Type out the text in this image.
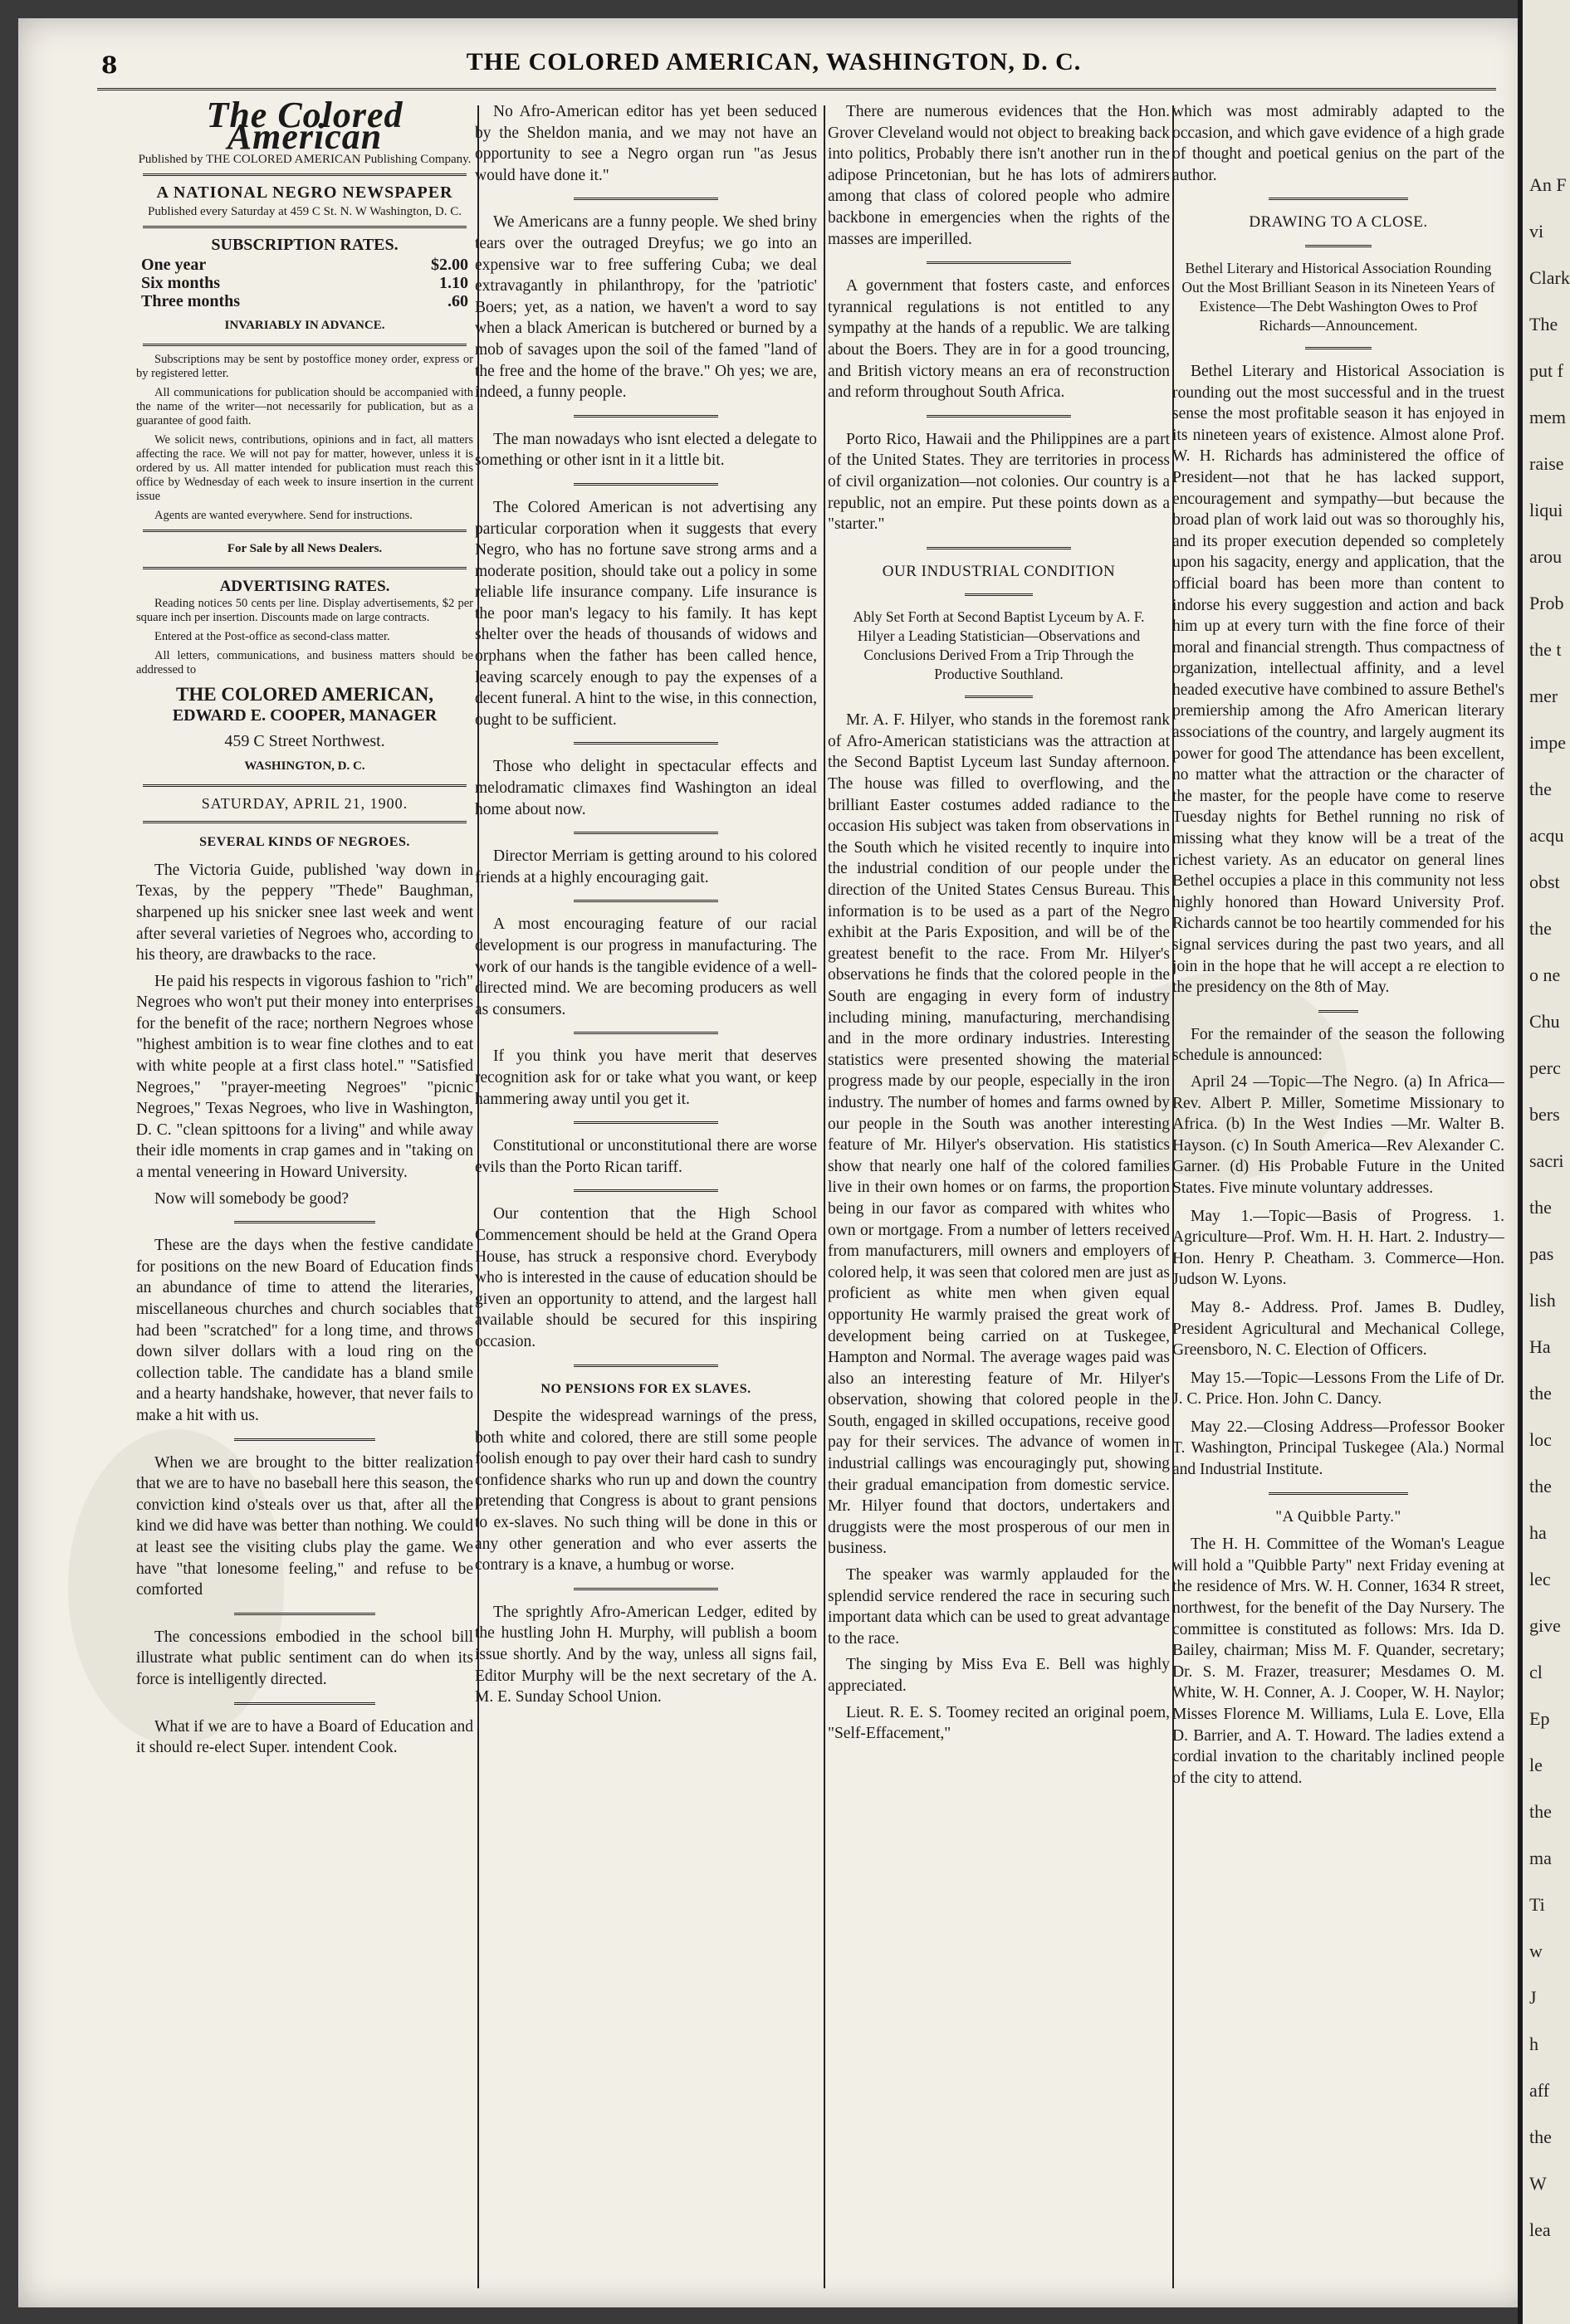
8	THE COLORED AMERICAN, WASHINGTON, D. C.
The Colored American
Published by THE COLORED AMERICAN Publishing Company.
A NATIONAL NEGRO NEWSPAPER
Published every Saturday at 459 C St. N. W Washington, D. C.
SUBSCRIPTION RATES.
One year	$2.00
Six months	1.10
Three months	.60
INVARIABLY IN ADVANCE.

Subscriptions may be sent by postoffice money order, express or by registered letter.

All communications for publication should be accompanied with the name of the writer—not necessarily for publication, but as a guarantee of good faith.

We solicit news, contributions, opinions and in fact, all matters affecting the race. We will not pay for matter, however, unless it is ordered by us. All matter intended for publication must reach this office by Wednesday of each week to insure insertion in the current issue

Agents are wanted everywhere. Send for instructions.

For Sale by all News Dealers.
ADVERTISING RATES.

Reading notices 50 cents per line. Display advertisements, $2 per square inch per insertion. Discounts made on large contracts.

Entered at the Post-office as second-class matter.

All letters, communications, and business matters should be addressed to

THE COLORED AMERICAN,
EDWARD E. COOPER, MANAGER
459 C Street Northwest.
WASHINGTON, D. C.
SATURDAY, APRIL 21, 1900.
SEVERAL KINDS OF NEGROES.

The Victoria Guide, published 'way down in Texas, by the peppery "Thede" Baughman, sharpened up his snicker snee last week and went after several varieties of Negroes who, according to his theory, are drawbacks to the race.

He paid his respects in vigorous fashion to "rich" Negroes who won't put their money into enterprises for the benefit of the race; northern Negroes whose "highest ambition is to wear fine clothes and to eat with white people at a first class hotel." "Satisfied Negroes," "prayer-meeting Negroes" "picnic Negroes," Texas Negroes, who live in Washington, D. C. "clean spittoons for a living" and while away their idle moments in crap games and in "taking on a mental veneering in Howard University.

Now will somebody be good?

These are the days when the festive candidate for positions on the new Board of Education finds an abundance of time to attend the literaries, miscellaneous churches and church sociables that had been "scratched" for a long time, and throws down silver dollars with a loud ring on the collection table. The candidate has a bland smile and a hearty handshake, however, that never fails to make a hit with us.

When we are brought to the bitter realization that we are to have no baseball here this season, the conviction kind o'steals over us that, after all the kind we did have was better than nothing. We could at least see the visiting clubs play the game. We have "that lonesome feeling," and refuse to be comforted

The concessions embodied in the school bill illustrate what public sentiment can do when its force is intelligently directed.

What if we are to have a Board of Education and it should re-elect Super. intendent Cook.

No Afro-American editor has yet been seduced by the Sheldon mania, and we may not have an opportunity to see a Negro organ run "as Jesus would have done it."

We Americans are a funny people. We shed briny tears over the outraged Dreyfus; we go into an expensive war to free suffering Cuba; we deal extravagantly in philanthropy, for the 'patriotic' Boers; yet, as a nation, we haven't a word to say when a black American is butchered or burned by a mob of savages upon the soil of the famed "land of the free and the home of the brave." Oh yes; we are, indeed, a funny people.

The man nowadays who isnt elected a delegate to something or other isnt in it a little bit.

The Colored American is not advertising any particular corporation when it suggests that every Negro, who has no fortune save strong arms and a moderate position, should take out a policy in some reliable life insurance company. Life insurance is the poor man's legacy to his family. It has kept shelter over the heads of thousands of widows and orphans when the father has been called hence, leaving scarcely enough to pay the expenses of a decent funeral. A hint to the wise, in this connection, ought to be sufficient.

Those who delight in spectacular effects and melodramatic climaxes find Washington an ideal home about now.

Director Merriam is getting around to his colored friends at a highly encouraging gait.

A most encouraging feature of our racial development is our progress in manufacturing. The work of our hands is the tangible evidence of a well-directed mind. We are becoming producers as well as consumers.

If you think you have merit that deserves recognition ask for or take what you want, or keep hammering away until you get it.

Constitutional or unconstitutional there are worse evils than the Porto Rican tariff.

Our contention that the High School Commencement should be held at the Grand Opera House, has struck a responsive chord. Everybody who is interested in the cause of education should be given an opportunity to attend, and the largest hall available should be secured for this inspiring occasion.

NO PENSIONS FOR EX SLAVES.

Despite the widespread warnings of the press, both white and colored, there are still some people foolish enough to pay over their hard cash to sundry confidence sharks who run up and down the country pretending that Congress is about to grant pensions to ex-slaves. No such thing will be done in this or any other generation and who ever asserts the contrary is a knave, a humbug or worse.

The sprightly Afro-American Ledger, edited by the hustling John H. Murphy, will publish a boom issue shortly. And by the way, unless all signs fail, Editor Murphy will be the next secretary of the A. M. E. Sunday School Union.

There are numerous evidences that the Hon. Grover Cleveland would not object to breaking back into politics, Probably there isn't another run in the adipose Princetonian, but he has lots of admirers among that class of colored people who admire backbone in emergencies when the rights of the masses are imperilled.

A government that fosters caste, and enforces tyrannical regulations is not entitled to any sympathy at the hands of a republic. We are talking about the Boers. They are in for a good trouncing, and British victory means an era of reconstruction and reform throughout South Africa.

Porto Rico, Hawaii and the Philippines are a part of the United States. They are territories in process of civil organization—not colonies. Our country is a republic, not an empire. Put these points down as a "starter."

OUR INDUSTRIAL CONDITION
Ably Set Forth at Second Baptist Lyceum by A. F. Hilyer a Leading Statistician—Observations and Conclusions Derived From a Trip Through the Productive Southland.

Mr. A. F. Hilyer, who stands in the foremost rank of Afro-American statisticians was the attraction at the Second Baptist Lyceum last Sunday afternoon. The house was filled to overflowing, and the brilliant Easter costumes added radiance to the occasion His subject was taken from observations in the South which he visited recently to inquire into the industrial condition of our people under the direction of the United States Census Bureau. This information is to be used as a part of the Negro exhibit at the Paris Exposition, and will be of the greatest benefit to the race. From Mr. Hilyer's observations he finds that the colored people in the South are engaging in every form of industry including mining, manufacturing, merchandising and in the more ordinary industries. Interesting statistics were presented showing the material progress made by our people, especially in the iron industry. The number of homes and farms owned by our people in the South was another interesting feature of Mr. Hilyer's observation. His statistics show that nearly one half of the colored families live in their own homes or on farms, the proportion being in our favor as compared with whites who own or mortgage. From a number of letters received from manufacturers, mill owners and employers of colored help, it was seen that colored men are just as proficient as white men when given equal opportunity He warmly praised the great work of development being carried on at Tuskegee, Hampton and Normal. The average wages paid was also an interesting feature of Mr. Hilyer's observation, showing that colored people in the South, engaged in skilled occupations, receive good pay for their services. The advance of women in industrial callings was encouragingly put, showing their gradual emancipation from domestic service. Mr. Hilyer found that doctors, undertakers and druggists were the most prosperous of our men in business.

The speaker was warmly applauded for the splendid service rendered the race in securing such important data which can be used to great advantage to the race.

The singing by Miss Eva E. Bell was highly appreciated.

Lieut. R. E. S. Toomey recited an original poem, "Self-Effacement,"

which was most admirably adapted to the occasion, and which gave evidence of a high grade of thought and poetical genius on the part of the author.

DRAWING TO A CLOSE.
Bethel Literary and Historical Association Rounding Out the Most Brilliant Season in its Nineteen Years of Existence—The Debt Washington Owes to Prof Richards—Announcement.

Bethel Literary and Historical Association is rounding out the most successful and in the truest sense the most profitable season it has enjoyed in its nineteen years of existence. Almost alone Prof. W. H. Richards has administered the office of President—not that he has lacked support, encouragement and sympathy—but because the broad plan of work laid out was so thoroughly his, and its proper execution depended so completely upon his sagacity, energy and application, that the official board has been more than content to indorse his every suggestion and action and back him up at every turn with the fine force of their moral and financial strength. Thus compactness of organization, intellectual affinity, and a level headed executive have combined to assure Bethel's premiership among the Afro American literary associations of the country, and largely augment its power for good The attendance has been excellent, no matter what the attraction or the character of the master, for the people have come to reserve Tuesday nights for Bethel running no risk of missing what they know will be a treat of the richest variety. As an educator on general lines Bethel occupies a place in this community not less highly honored than Howard University Prof. Richards cannot be too heartily commended for his signal services during the past two years, and all join in the hope that he will accept a re election to the presidency on the 8th of May.

For the remainder of the season the following schedule is announced:

April 24 —Topic—The Negro. (a) In Africa—Rev. Albert P. Miller, Sometime Missionary to Africa. (b) In the West Indies —Mr. Walter B. Hayson. (c) In South America—Rev Alexander C. Garner. (d) His Probable Future in the United States. Five minute voluntary addresses.

May 1.—Topic—Basis of Progress. 1. Agriculture—Prof. Wm. H. H. Hart. 2. Industry—Hon. Henry P. Cheatham. 3. Commerce—Hon. Judson W. Lyons.

May 8.- Address. Prof. James B. Dudley, President Agricultural and Mechanical College, Greensboro, N. C. Election of Officers.

May 15.—Topic—Lessons From the Life of Dr. J. C. Price. Hon. John C. Dancy.

May 22.—Closing Address—Professor Booker T. Washington, Principal Tuskegee (Ala.) Normal and Industrial Institute.

"A Quibble Party."

The H. H. Committee of the Woman's League will hold a "Quibble Party" next Friday evening at the residence of Mrs. W. H. Conner, 1634 R street, northwest, for the benefit of the Day Nursery. The committee is constituted as follows: Mrs. Ida D. Bailey, chairman; Miss M. F. Quander, secretary; Dr. S. M. Frazer, treasurer; Mesdames O. M. White, W. H. Conner, A. J. Cooper, W. H. Naylor; Misses Florence M. Williams, Lula E. Love, Ella D. Barrier, and A. T. Howard. The ladies extend a cordial invation to the charitably inclined people of the city to attend.

An F
vi
Clark
The
put f
mem
raise
liqui
arou
Prob
the t
mer
impe
the
acqu
obst
the
o ne
Chu
perc
bers
sacri
the
pas
lish
Ha
the
loc
the
ha
lec
give
cl
Ep
le
the
ma
Ti
w
J
h
aff
the
W
lea
